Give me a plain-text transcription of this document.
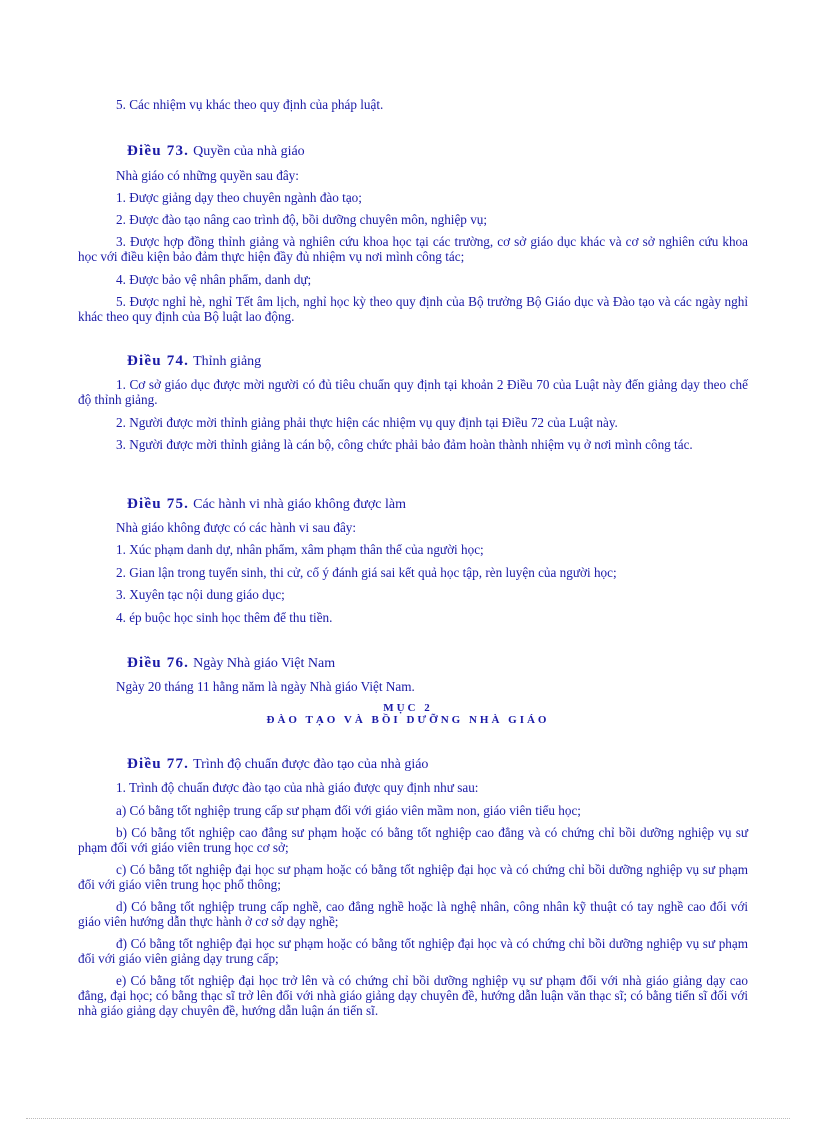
5. Các nhiệm vụ khác theo quy định của pháp luật.

Điều 73. Quyền của nhà giáo

Nhà giáo có những quyền sau đây:

1. Được giảng dạy theo chuyên ngành đào tạo;

2. Được đào tạo nâng cao trình độ, bồi dưỡng chuyên môn, nghiệp vụ;

3. Được hợp đồng thỉnh giảng và nghiên cứu khoa học tại các trường, cơ sở giáo dục khác và cơ sở nghiên cứu khoa học với điều kiện bảo đảm thực hiện đầy đủ nhiệm vụ nơi mình công tác;

4. Được bảo vệ nhân phẩm, danh dự;

5. Được nghỉ hè, nghỉ Tết âm lịch, nghỉ học kỳ theo quy định của Bộ trưởng Bộ Giáo dục và Đào tạo và các ngày nghỉ khác theo quy định của Bộ luật lao động.

Điều 74. Thỉnh giảng

1. Cơ sở giáo dục được mời người có đủ tiêu chuẩn quy định tại khoản 2 Điều 70 của Luật này đến giảng dạy theo chế độ thỉnh giảng.

2. Người được mời thỉnh giảng phải thực hiện các nhiệm vụ quy định tại Điều 72 của Luật này.

3. Người được mời thỉnh giảng là cán bộ, công chức phải bảo đảm hoàn thành nhiệm vụ ở nơi mình công tác.

Điều 75. Các hành vi nhà giáo không được làm

Nhà giáo không được có các hành vi sau đây:

1. Xúc phạm danh dự, nhân phẩm, xâm phạm thân thể của người học;

2. Gian lận trong tuyển sinh, thi cử, cố ý đánh giá sai kết quả học tập, rèn luyện của người học;

3. Xuyên tạc nội dung giáo dục;

4. ép buộc học sinh học thêm để thu tiền.

Điều 76. Ngày Nhà giáo Việt Nam

Ngày 20 tháng 11 hằng năm là ngày Nhà giáo Việt Nam.

MỤC 2

ĐÀO TẠO VÀ BỒI DƯỠNG NHÀ GIÁO

Điều 77. Trình độ chuẩn được đào tạo của nhà giáo

1. Trình độ chuẩn được đào tạo của nhà giáo được quy định như sau:

a) Có bằng tốt nghiệp trung cấp sư phạm đối với giáo viên mầm non, giáo viên tiểu học;

b) Có bằng tốt nghiệp cao đẳng sư phạm hoặc có bằng tốt nghiệp cao đẳng và có chứng chỉ bồi dưỡng nghiệp vụ sư phạm đối với giáo viên trung học cơ sở;

c) Có bằng tốt nghiệp đại học sư phạm hoặc có bằng tốt nghiệp đại học và có chứng chỉ bồi dưỡng nghiệp vụ sư phạm đối với giáo viên trung học phổ thông;

d) Có bằng tốt nghiệp trung cấp nghề, cao đẳng nghề hoặc là nghệ nhân, công nhân kỹ thuật có tay nghề cao đối với giáo viên hướng dẫn thực hành ở cơ sở dạy nghề;

đ) Có bằng tốt nghiệp đại học sư phạm hoặc có bằng tốt nghiệp đại học và có chứng chỉ bồi dưỡng nghiệp vụ sư phạm đối với giáo viên giảng dạy trung cấp;

e) Có bằng tốt nghiệp đại học trở lên và có chứng chỉ bồi dưỡng nghiệp vụ sư phạm đối với nhà giáo giảng dạy cao đẳng, đại học; có bằng thạc sĩ trở lên đối với nhà giáo giảng dạy chuyên đề, hướng dẫn luận văn thạc sĩ; có bằng tiến sĩ đối với nhà giáo giảng dạy chuyên đề, hướng dẫn luận án tiến sĩ.
